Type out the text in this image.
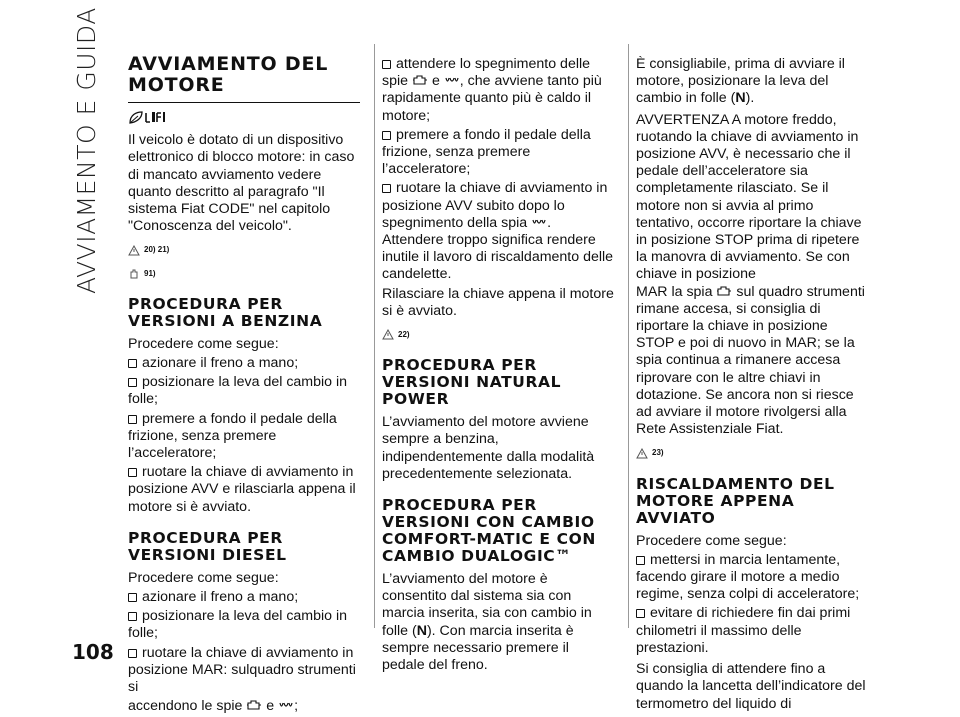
AVVIAMENTO E GUIDA
108
AVVIAMENTO DEL MOTORE

Il veicolo è dotato di un dispositivo elettronico di blocco motore: in caso di mancato avviamento vedere quanto descritto al paragrafo "Il sistema Fiat CODE" nel capitolo "Conoscenza del veicolo".

20) 21)
91)
PROCEDURA PER VERSIONI A BENZINA

Procedere come segue:

azionare il freno a mano;

posizionare la leva del cambio in folle;

premere a fondo il pedale della frizione, senza premere l’acceleratore;

ruotare la chiave di avviamento in posizione AVV e rilasciarla appena il motore si è avviato.

PROCEDURA PER VERSIONI DIESEL

Procedere come segue:

azionare il freno a mano;

posizionare la leva del cambio in folle;

ruotare la chiave di avviamento in posizione MAR: sulquadro strumenti si

accendono le spie e ;

attendere lo spegnimento delle
spie e , che avviene tanto più rapidamente quanto più è caldo il motore;

premere a fondo il pedale della frizione, senza premere l’acceleratore;

ruotare la chiave di avviamento in posizione AVV subito dopo lo
spegnimento della spia . Attendere troppo significa rendere inutile il lavoro di riscaldamento delle candelette.

Rilasciare la chiave appena il motore si è avviato.

22)
PROCEDURA PER VERSIONI NATURAL POWER

L’avviamento del motore avviene sempre a benzina, indipendentemente dalla modalità precedentemente selezionata.

PROCEDURA PER VERSIONI CON CAMBIO COMFORT-MATIC E CON CAMBIO DUALOGIC™

L’avviamento del motore è consentito dal sistema sia con marcia inserita, sia con cambio in folle (N). Con marcia inserita è sempre necessario premere il pedale del freno.

È consigliabile, prima di avviare il motore, posizionare la leva del cambio in folle (N).

AVVERTENZA A motore freddo, ruotando la chiave di avviamento in posizione AVV, è necessario che il pedale dell’acceleratore sia completamente rilasciato. Se il motore non si avvia al primo tentativo, occorre riportare la chiave in posizione STOP prima di ripetere la manovra di avviamento. Se con chiave in posizione
MAR la spia sul quadro strumenti rimane accesa, si consiglia di riportare la chiave in posizione STOP e poi di nuovo in MAR; se la spia continua a rimanere accesa riprovare con le altre chiavi in dotazione. Se ancora non si riesce ad avviare il motore rivolgersi alla Rete Assistenziale Fiat.

23)
RISCALDAMENTO DEL MOTORE APPENA AVVIATO

Procedere come segue:

mettersi in marcia lentamente, facendo girare il motore a medio regime, senza colpi di acceleratore;

evitare di richiedere fin dai primi chilometri il massimo delle prestazioni.

Si consiglia di attendere fino a quando la lancetta dell’indicatore del termometro del liquido di
